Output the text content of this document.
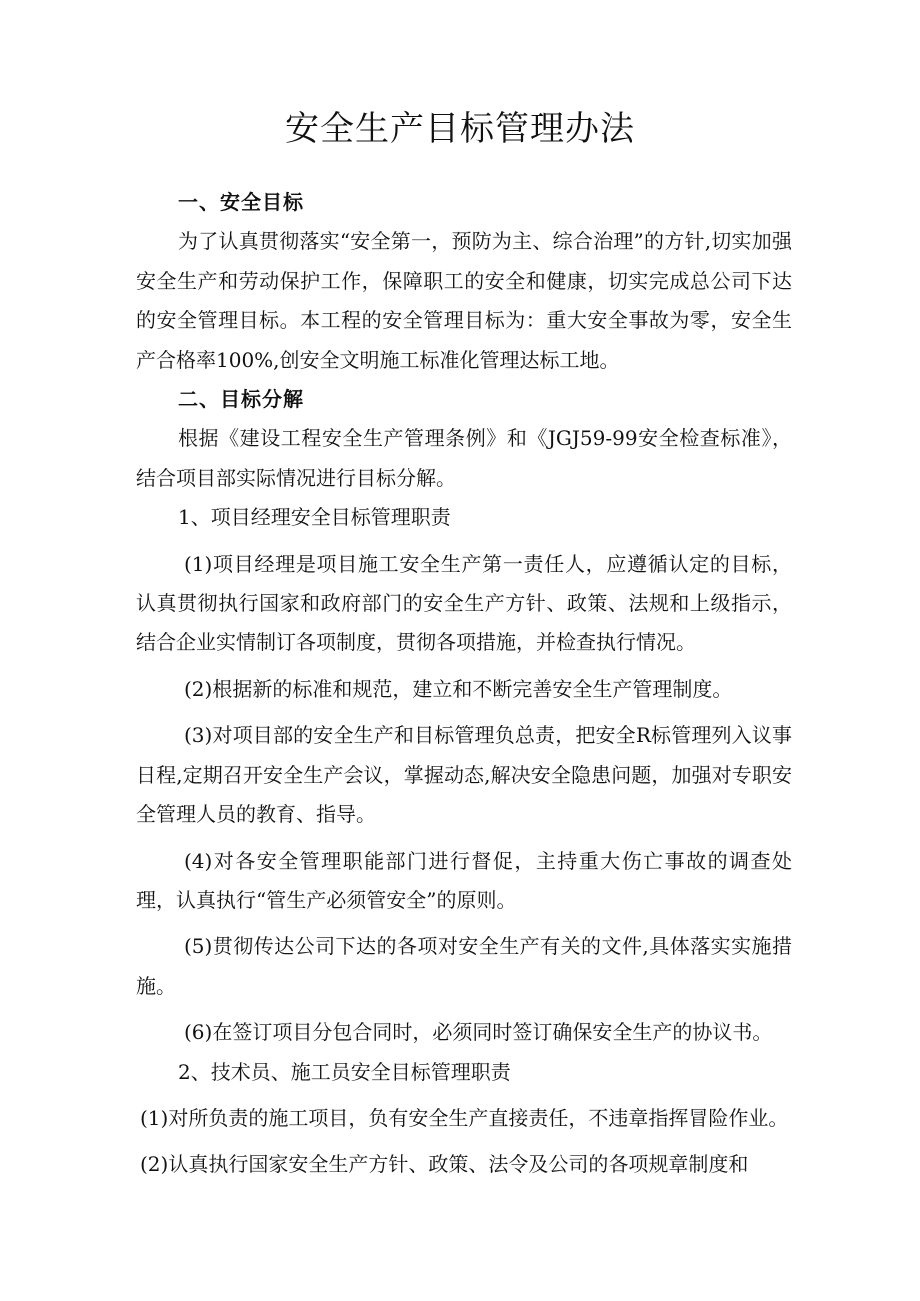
安全生产目标管理办法

一、安全目标

为了认真贯彻落实“安全第一，预防为主、综合治理”的方针,切实加强安全生产和劳动保护工作，保障职工的安全和健康，切实完成总公司下达的安全管理目标。本工程的安全管理目标为：重大安全事故为零，安全生产合格率100%,创安全文明施工标准化管理达标工地。

二、目标分解

根据《建设工程安全生产管理条例》和《JGJ59-99安全检查标准》，结合项目部实际情况进行目标分解。

1、项目经理安全目标管理职责

(1)项目经理是项目施工安全生产第一责任人，应遵循认定的目标，认真贯彻执行国家和政府部门的安全生产方针、政策、法规和上级指示，结合企业实情制订各项制度，贯彻各项措施，并检查执行情况。

(2)根据新的标准和规范，建立和不断完善安全生产管理制度。

(3)对项目部的安全生产和目标管理负总责，把安全R标管理列入议事日程,定期召开安全生产会议，掌握动态,解决安全隐患问题，加强对专职安全管理人员的教育、指导。

(4)对各安全管理职能部门进行督促，主持重大伤亡事故的调查处理，认真执行“管生产必须管安全”的原则。

(5)贯彻传达公司下达的各项对安全生产有关的文件,具体落实实施措施。

(6)在签订项目分包合同时，必须同时签订确保安全生产的协议书。

2、技术员、施工员安全目标管理职责

(1)对所负责的施工项目，负有安全生产直接责任，不违章指挥冒险作业。

(2)认真执行国家安全生产方针、政策、法令及公司的各项规章制度和
